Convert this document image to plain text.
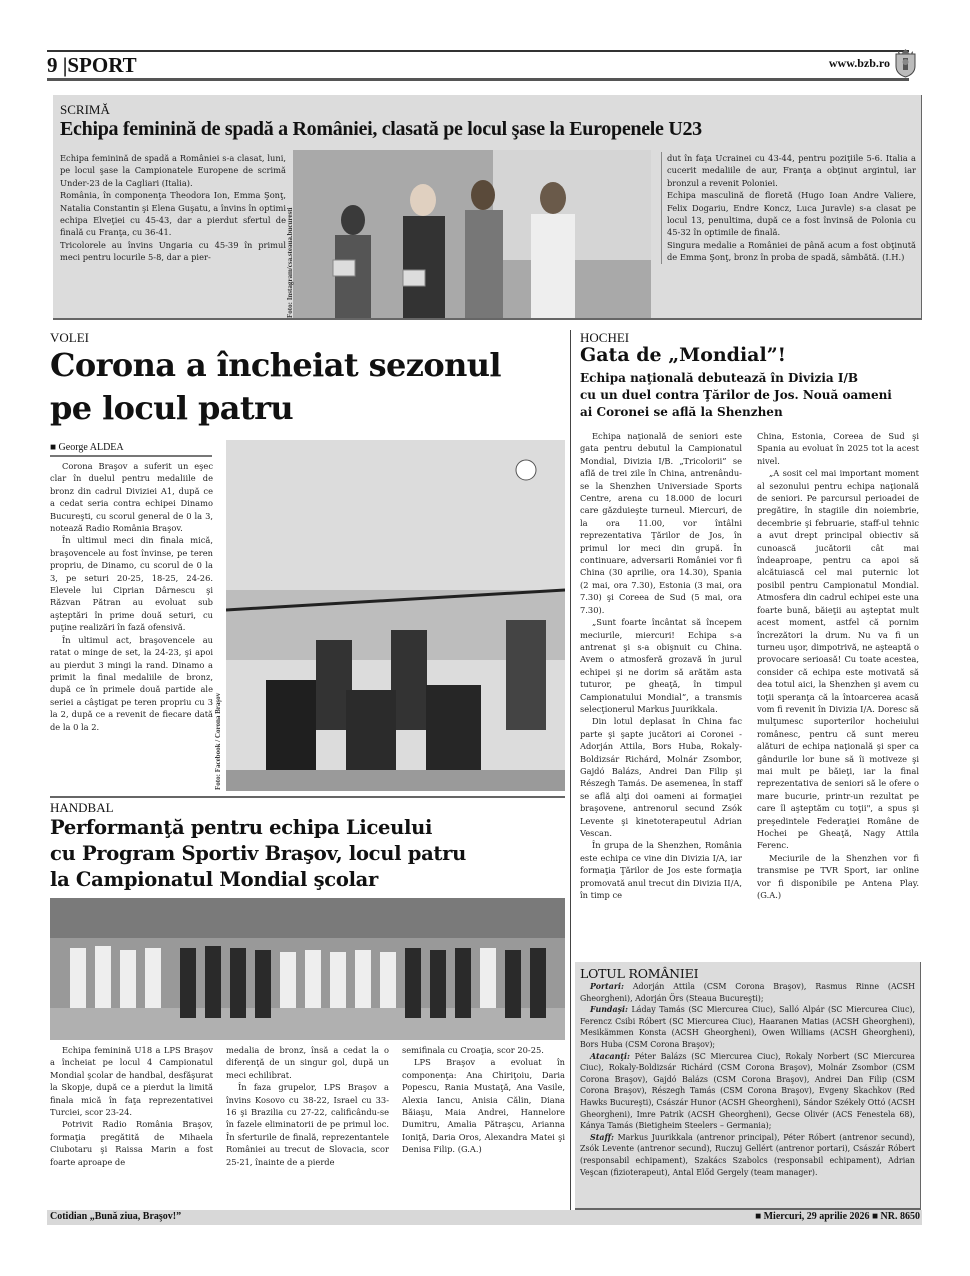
9 |SPORT	www.bzb.ro
SCRIMĂ
Echipa feminină de spadă a României, clasată pe locul şase la Europenele U23

Echipa feminină de spadă a României s-a clasat, luni, pe locul şase la Campionatele Europene de scrimă Under-23 de la Cagliari (Italia).

România, în componenţa Theodora Ion, Emma Şonţ, Natalia Constantin şi Elena Guşatu, a învins în optimi echipa Elveţiei cu 45-43, dar a pierdut sfertul de finală cu Franţa, cu 36-41.

Tricolorele au învins Ungaria cu 45-39 în primul meci pentru locurile 5-8, dar a pier-	Foto: Instagram/csa.steaua.bucuresti

dut în faţa Ucrainei cu 43-44, pentru poziţiile 5-6. Italia a cucerit medaliile de aur, Franţa a obţinut argintul, iar bronzul a revenit Poloniei.

Echipa masculină de floretă (Hugo Ioan Andre Valiere, Felix Dogariu, Endre Koncz, Luca Juravle) s-a clasat pe locul 13, penultima, după ce a fost învinsă de Polonia cu 45-32 în optimile de finală.

Singura medalie a României de până acum a fost obţinută de Emma Şonţ, bronz în proba de spadă, sâmbătă. (I.H.)

VOLEI
Corona a încheiat sezonul
pe locul patru
■ George ALDEA

Corona Braşov a suferit un eşec clar în duelul pentru medaliile de bronz din cadrul Diviziei A1, după ce a cedat seria contra echipei Dinamo Bucureşti, cu scorul general de 0 la 3, notează Radio România Braşov.

În ultimul meci din finala mică, braşovencele au fost învinse, pe teren propriu, de Dinamo, cu scorul de 0 la 3, pe seturi 20-25, 18-25, 24-26. Elevele lui Ciprian Dârnescu şi Răzvan Pătran au evoluat sub aşteptări în prime două seturi, cu puţine realizări în fază ofensivă.

În ultimul act, braşovencele au ratat o minge de set, la 24-23, şi apoi au pierdut 3 mingi la rand. Dinamo a primit la final medaliile de bronz, după ce în primele două partide ale seriei a câştigat pe teren propriu cu 3 la 2, după ce a revenit de fiecare dată de la 0 la 2.	Foto: Facebook / Corona Braşov
HANDBAL
Performanţă pentru echipa Liceului
cu Program Sportiv Braşov, locul patru
la Campionatul Mondial şcolar

Echipa feminină U18 a LPS Braşov a încheiat pe locul 4 Campionatul Mondial şcolar de handbal, desfăşurat la Skopje, după ce a pierdut la limită finala mică în faţa reprezentativei Turciei, scor 23-24.

Potrivit Radio România Braşov, formaţia pregătită de Mihaela Ciubotaru şi Raissa Marin a fost foarte aproape de

medalia de bronz, însă a cedat la o diferenţă de un singur gol, după un meci echilibrat.

În faza grupelor, LPS Braşov a învins Kosovo cu 38-22, Israel cu 33-16 şi Brazilia cu 27-22, calificându-se în fazele eliminatorii de pe primul loc. În sferturile de finală, reprezentantele României au trecut de Slovacia, scor 25-21, înainte de a pierde

semifinala cu Croaţia, scor 20-25.

LPS Braşov a evoluat în componenţa: Ana Chiriţoiu, Daria Popescu, Rania Mustaţă, Ana Vasile, Alexia Iancu, Anisia Călin, Diana Băiaşu, Maia Andrei, Hannelore Dumitru, Amalia Pătraşcu, Arianna Ioniţă, Daria Oros, Alexandra Matei şi Denisa Filip. (G.A.)

HOCHEI
Gata de „Mondial”!
Echipa naţională debutează în Divizia I/B
cu un duel contra Ţărilor de Jos. Nouă oameni
ai Coronei se află la Shenzhen

Echipa naţională de seniori este gata pentru debutul la Campionatul Mondial, Divizia I/B. „Tricolorii” se află de trei zile în China, antrenându-se la Shenzhen Universiade Sports Centre, arena cu 18.000 de locuri care găzduieşte turneul. Miercuri, de la ora 11.00, vor întâlni reprezentativa Ţărilor de Jos, în primul lor meci din grupă. În continuare, adversarii României vor fi China (30 aprilie, ora 14.30), Spania (2 mai, ora 7.30), Estonia (3 mai, ora 7.30) şi Coreea de Sud (5 mai, ora 7.30).

„Sunt foarte încântat să începem meciurile, miercuri! Echipa s-a antrenat şi s-a obişnuit cu China. Avem o atmosferă grozavă în jurul echipei şi ne dorim să arătăm asta tuturor, pe gheaţă, în timpul Campionatului Mondial”, a transmis selecţionerul Markus Juurikkala.

Din lotul deplasat în China fac parte şi şapte jucători ai Coronei - Adorján Attila, Bors Huba, Rokaly-Boldizsár Richárd, Molnár Zsombor, Gajdó Balázs, Andrei Dan Filip şi Részegh Tamás. De asemenea, în staff se află alţi doi oameni ai formaţiei braşovene, antrenorul secund Zsók Levente şi kinetoterapeutul Adrian Vescan.

În grupa de la Shenzhen, România este echipa ce vine din Divizia I/A, iar formaţia Ţărilor de Jos este formaţia promovată anul trecut din Divizia II/A, în timp ce

China, Estonia, Coreea de Sud şi Spania au evoluat în 2025 tot la acest nivel.

„A sosit cel mai important moment al sezonului pentru echipa naţională de seniori. Pe parcursul perioadei de pregătire, în stagiile din noiembrie, decembrie şi februarie, staff-ul tehnic a avut drept principal obiectiv să cunoască jucătorii cât mai îndeaproape, pentru ca apoi să alcătuiască cel mai puternic lot posibil pentru Campionatul Mondial. Atmosfera din cadrul echipei este una foarte bună, băieţii au aşteptat mult acest moment, astfel că pornim încrezători la drum. Nu va fi un turneu uşor, dimpotrivă, ne aşteaptă o provocare serioasă! Cu toate acestea, consider că echipa este motivată să dea totul aici, la Shenzhen şi avem cu toţii speranţa că la întoarcerea acasă vom fi revenit în Divizia I/A. Doresc să mulţumesc suporterilor hocheiului românesc, pentru că sunt mereu alături de echipa naţională şi sper ca gândurile lor bune să îi motiveze şi mai mult pe băieţi, iar la final reprezentativa de seniori să le ofere o mare bucurie, printr-un rezultat pe care îl aşteptăm cu toţii", a spus şi preşedintele Federaţiei Române de Hochei pe Gheaţă, Nagy Attila Ferenc.

Meciurile de la Shenzhen vor fi transmise pe TVR Sport, iar online vor fi disponibile pe Antena Play. (G.A.)

LOTUL ROMÂNIEI

Portari: Adorján Attila (CSM Corona Braşov), Rasmus Rinne (ACSH Gheorgheni), Adorján Örs (Steaua Bucureşti);

Fundaşi: Láday Tamás (SC Miercurea Ciuc), Salló Alpár (SC Miercurea Ciuc), Ferencz Csibi Róbert (SC Miercurea Ciuc), Haaranen Matias (ACSH Gheorgheni), Mesikämmen Konsta (ACSH Gheorgheni), Owen Williams (ACSH Gheorgheni), Bors Huba (CSM Corona Braşov);

Atacanţi: Péter Balázs (SC Miercurea Ciuc), Rokaly Norbert (SC Miercurea Ciuc), Rokaly-Boldizsár Richárd (CSM Corona Braşov), Molnár Zsombor (CSM Corona Braşov), Gajdó Balázs (CSM Corona Braşov), Andrei Dan Filip (CSM Corona Braşov), Részegh Tamás (CSM Corona Braşov), Evgeny Skachkov (Red Hawks Bucureşti), Császár Hunor (ACSH Gheorgheni), Sándor Székely Ottó (ACSH Gheorgheni), Imre Patrik (ACSH Gheorgheni), Gecse Olivér (ACS Fenestela 68), Kánya Tamás (Bietigheim Steelers – Germania);

Staff: Markus Juurikkala (antrenor principal), Péter Róbert (antrenor secund), Zsók Levente (antrenor secund), Ruczuj Gellért (antrenor portari), Császár Róbert (responsabil echipament), Szakács Szabolcs (responsabil echipament), Adrian Veşcan (fizioterapeut), Antal Előd Gergely (team manager).

Cotidian „Bună ziua, Braşov!”	■ Miercuri, 29 aprilie 2026 ■ NR. 8650
